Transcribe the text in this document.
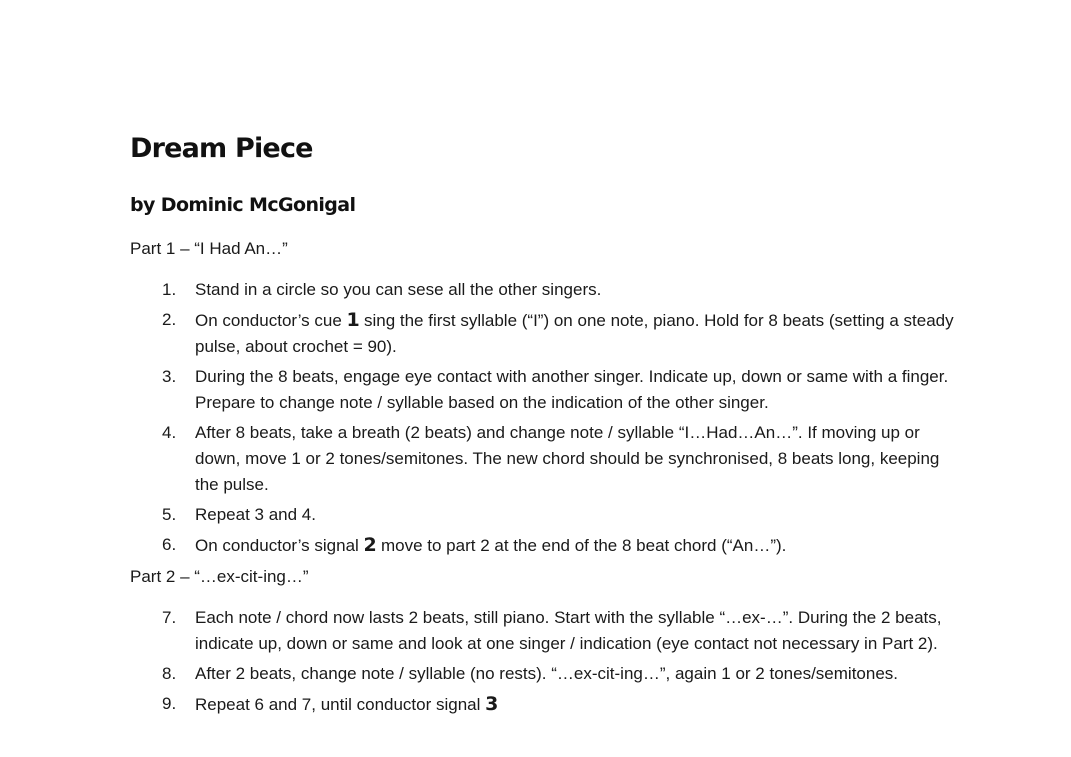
Dream Piece
by Dominic McGonigal

Part 1 – “I Had An…”

1. Stand in a circle so you can sese all the other singers.
2. On conductor’s cue 1 sing the first syllable (“I”) on one note, piano. Hold for 8 beats (setting a steady pulse, about crochet = 90).
3. During the 8 beats, engage eye contact with another singer. Indicate up, down or same with a finger. Prepare to change note / syllable based on the indication of the other singer.
4. After 8 beats, take a breath (2 beats) and change note / syllable “I…Had…An…”. If moving up or down, move 1 or 2 tones/semitones. The new chord should be synchronised, 8 beats long, keeping the pulse.
5. Repeat 3 and 4.
6. On conductor’s signal 2 move to part 2 at the end of the 8 beat chord (“An…”).

Part 2 – “…ex-cit-ing…”

7. Each note / chord now lasts 2 beats, still piano. Start with the syllable “…ex-…”. During the 2 beats, indicate up, down or same and look at one singer / indication (eye contact not necessary in Part 2).
8. After 2 beats, change note / syllable (no rests). “…ex-cit-ing…”, again 1 or 2 tones/semitones.
9. Repeat 6 and 7, until conductor signal 3
